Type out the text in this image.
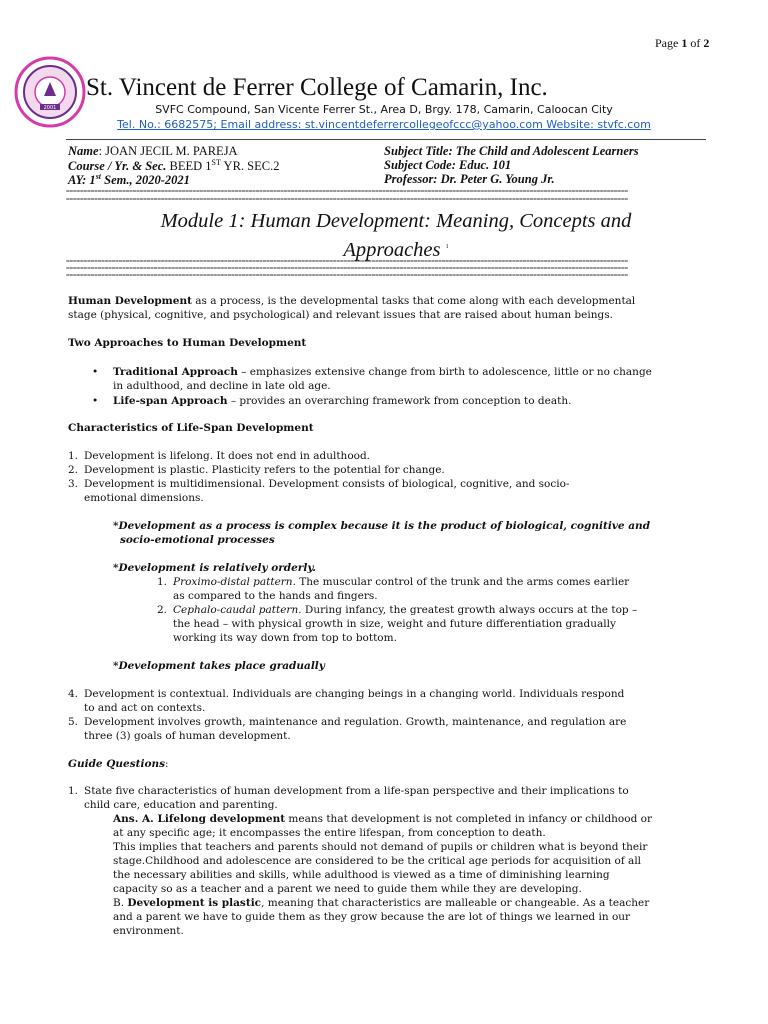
Page 1 of 2
2001
St. Vincent de Ferrer College of Camarin, Inc.
SVFC Compound, San Vicente Ferrer St., Area D, Brgy. 178, Camarin, Caloocan City
Tel. No.: 6682575; Email address: st.vincentdeferrercollegeofccc@yahoo.com Website: stvfc.com
Name: JOAN JECIL M. PAREJA
Course / Yr. & Sec. BEED 1ST YR. SEC.2
AY: 1st Sem., 2020-2021
Subject Title: The Child and Adolescent Learners
Subject Code: Educ. 101
Professor: Dr. Peter G. Young Jr.
================================================================================================================================================================
================================================================================================================================================================
Module 1: Human Development: Meaning, Concepts and
Approaches $^1$
================================================================================================================================================================
================================================================================================================================================================
================================================================================================================================================================
Human Development as a process, is the developmental tasks that come along with each developmental
stage (physical, cognitive, and psychological) and relevant issues that are raised about human beings.
Two Approaches to Human Development
• Traditional Approach – emphasizes extensive change from birth to adolescence, little or no change
in adulthood, and decline in late old age.
• Life-span Approach – provides an overarching framework from conception to death.
Characteristics of Life-Span Development
1. Development is lifelong. It does not end in adulthood.
2. Development is plastic. Plasticity refers to the potential for change.
3. Development is multidimensional. Development consists of biological, cognitive, and socio-
emotional dimensions.
*Development as a process is complex because it is the product of biological, cognitive and
socio-emotional processes
*Development is relatively orderly.
1. Proximo-distal pattern. The muscular control of the trunk and the arms comes earlier
as compared to the hands and fingers.
2. Cephalo-caudal pattern. During infancy, the greatest growth always occurs at the top –
the head – with physical growth in size, weight and future differentiation gradually
working its way down from top to bottom.
*Development takes place gradually
4. Development is contextual. Individuals are changing beings in a changing world. Individuals respond
to and act on contexts.
5. Development involves growth, maintenance and regulation. Growth, maintenance, and regulation are
three (3) goals of human development.
Guide Questions:
1. State five characteristics of human development from a life-span perspective and their implications to
child care, education and parenting.
Ans. A. Lifelong development means that development is not completed in infancy or childhood or
at any specific age; it encompasses the entire lifespan, from conception to death.
This implies that teachers and parents should not demand of pupils or children what is beyond their
stage.Childhood and adolescence are considered to be the critical age periods for acquisition of all
the necessary abilities and skills, while adulthood is viewed as a time of diminishing learning
capacity so as a teacher and a parent we need to guide them while they are developing.
B. Development is plastic, meaning that characteristics are malleable or changeable. As a teacher
and a parent we have to guide them as they grow because the are lot of things we learned in our
environment.
